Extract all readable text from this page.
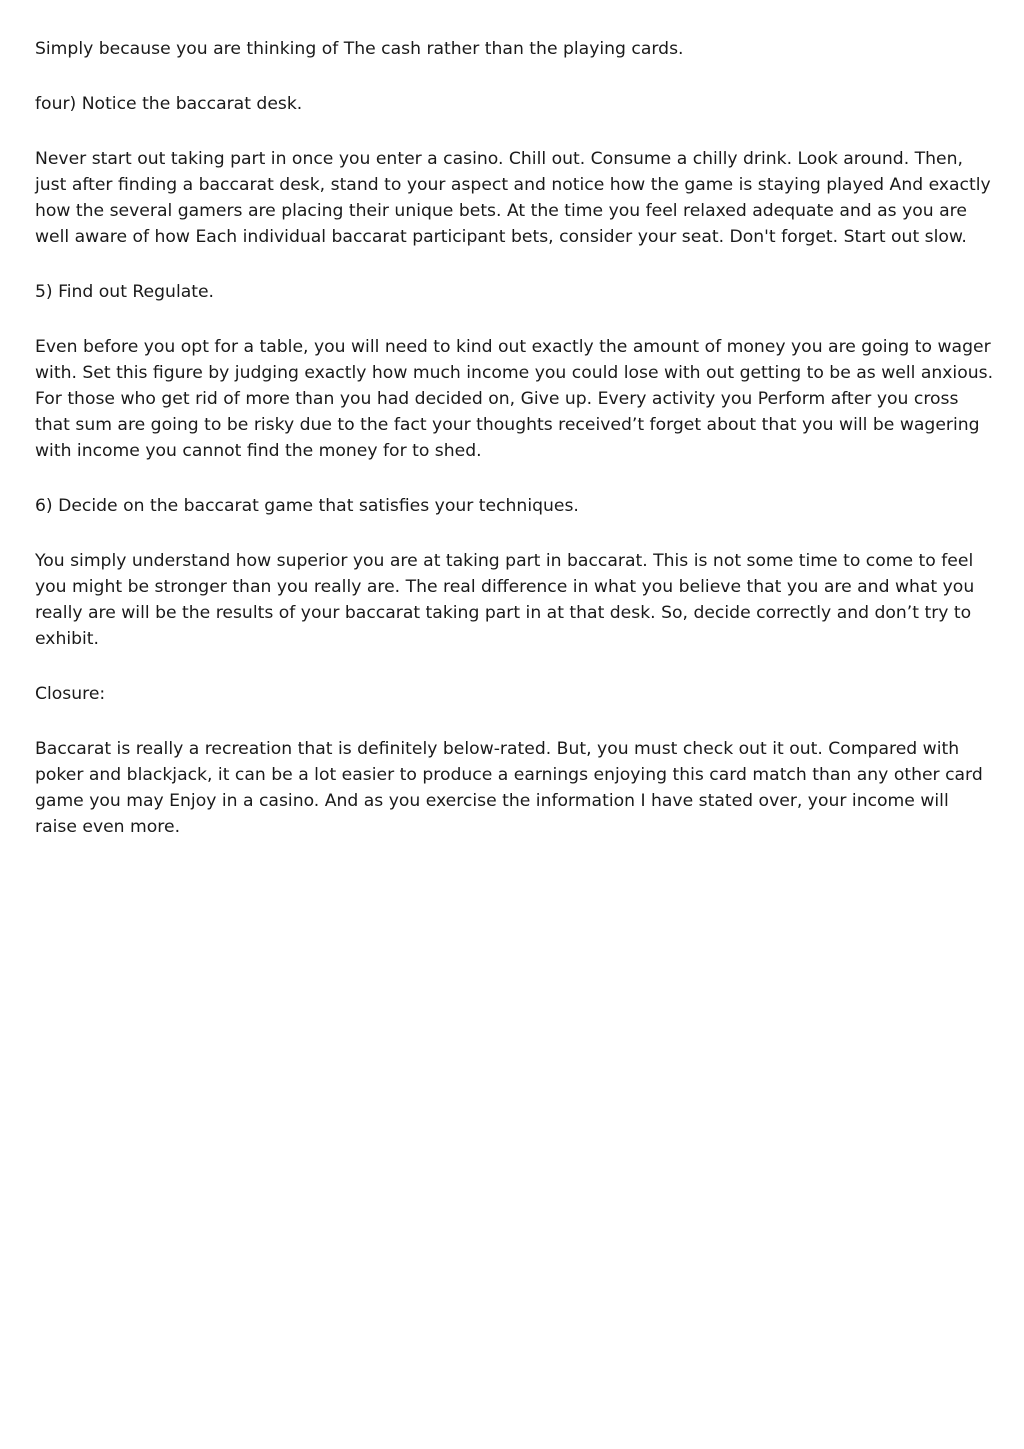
Simply because you are thinking of The cash rather than the playing cards.

four) Notice the baccarat desk.

Never start out taking part in once you enter a casino. Chill out. Consume a chilly drink. Look around. Then, just after finding a baccarat desk, stand to your aspect and notice how the game is staying played And exactly how the several gamers are placing their unique bets. At the time you feel relaxed adequate and as you are well aware of how Each individual baccarat participant bets, consider your seat. Don't forget. Start out slow.

5) Find out Regulate.

Even before you opt for a table, you will need to kind out exactly the amount of money you are going to wager with. Set this figure by judging exactly how much income you could lose with out getting to be as well anxious. For those who get rid of more than you had decided on, Give up. Every activity you Perform after you cross that sum are going to be risky due to the fact your thoughts received’t forget about that you will be wagering with income you cannot find the money for to shed.

6) Decide on the baccarat game that satisfies your techniques.

You simply understand how superior you are at taking part in baccarat. This is not some time to come to feel you might be stronger than you really are. The real difference in what you believe that you are and what you really are will be the results of your baccarat taking part in at that desk. So, decide correctly and don’t try to exhibit.

Closure:

Baccarat is really a recreation that is definitely below-rated. But, you must check out it out. Compared with poker and blackjack, it can be a lot easier to produce a earnings enjoying this card match than any other card game you may Enjoy in a casino. And as you exercise the information I have stated over, your income will raise even more.
